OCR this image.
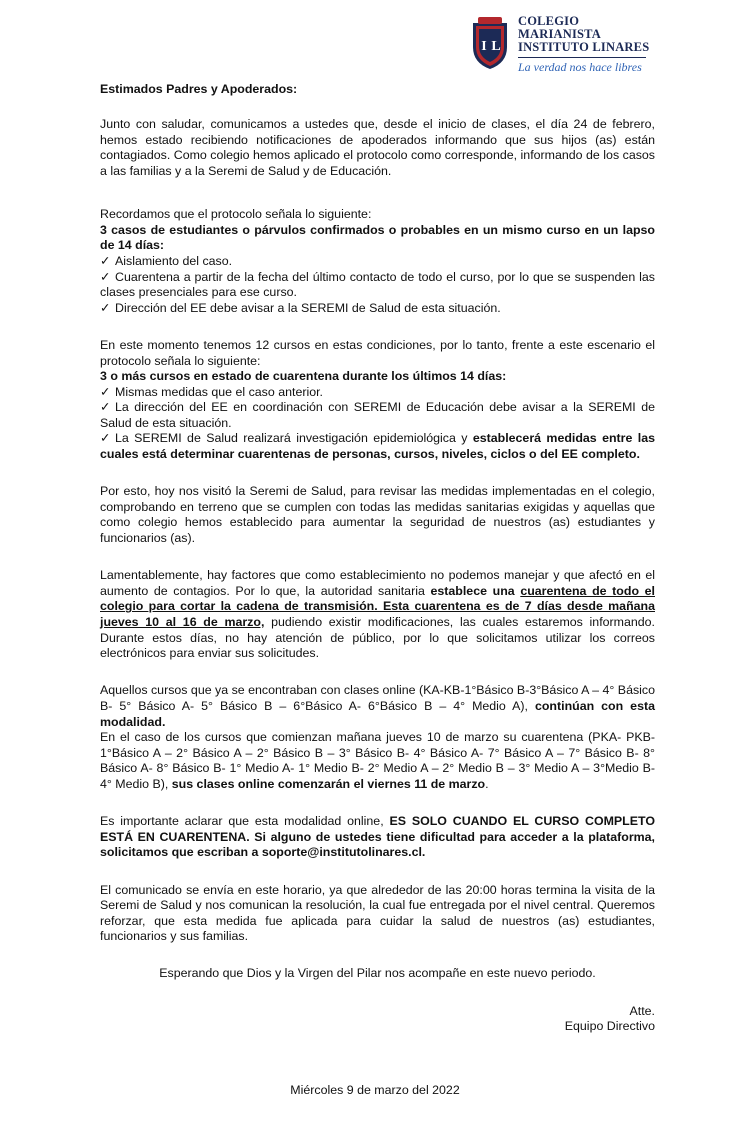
I L
COLEGIO MARIANISTA
INSTITUTO LINARES
La verdad nos hace libres

Estimados Padres y Apoderados:

Junto con saludar, comunicamos a ustedes que, desde el inicio de clases, el día 24 de febrero, hemos estado recibiendo notificaciones de apoderados informando que sus hijos (as) están contagiados. Como colegio hemos aplicado el protocolo como corresponde, informando de los casos a las familias y a la Seremi de Salud y de Educación.

Recordamos que el protocolo señala lo siguiente:

3 casos de estudiantes o párvulos confirmados o probables en un mismo curso en un lapso de 14 días:

✓ Aislamiento del caso.

✓ Cuarentena a partir de la fecha del último contacto de todo el curso, por lo que se suspenden las clases presenciales para ese curso.

✓ Dirección del EE debe avisar a la SEREMI de Salud de esta situación.

En este momento tenemos 12 cursos en estas condiciones, por lo tanto, frente a este escenario el protocolo señala lo siguiente:

3 o más cursos en estado de cuarentena durante los últimos 14 días:

✓ Mismas medidas que el caso anterior.

✓ La dirección del EE en coordinación con SEREMI de Educación debe avisar a la SEREMI de Salud de esta situación.

✓ La SEREMI de Salud realizará investigación epidemiológica y establecerá medidas entre las cuales está determinar cuarentenas de personas, cursos, niveles, ciclos o del EE completo.

Por esto, hoy nos visitó la Seremi de Salud, para revisar las medidas implementadas en el colegio, comprobando en terreno que se cumplen con todas las medidas sanitarias exigidas y aquellas que como colegio hemos establecido para aumentar la seguridad de nuestros (as) estudiantes y funcionarios (as).

Lamentablemente, hay factores que como establecimiento no podemos manejar y que afectó en el aumento de contagios. Por lo que, la autoridad sanitaria establece una cuarentena de todo el colegio para cortar la cadena de transmisión. Esta cuarentena es de 7 días desde mañana jueves 10 al 16 de marzo, pudiendo existir modificaciones, las cuales estaremos informando. Durante estos días, no hay atención de público, por lo que solicitamos utilizar los correos electrónicos para enviar sus solicitudes.

Aquellos cursos que ya se encontraban con clases online (KA-KB-1°Básico B-3°Básico A – 4° Básico B- 5° Básico A- 5° Básico B – 6°Básico A- 6°Básico B – 4° Medio A), continúan con esta modalidad.

En el caso de los cursos que comienzan mañana jueves 10 de marzo su cuarentena (PKA- PKB- 1°Básico A – 2° Básico A – 2° Básico B – 3° Básico B- 4° Básico A- 7° Básico A – 7° Básico B- 8° Básico A- 8° Básico B- 1° Medio A- 1° Medio B- 2° Medio A – 2° Medio B – 3° Medio A – 3°Medio B- 4° Medio B), sus clases online comenzarán el viernes 11 de marzo.

Es importante aclarar que esta modalidad online, ES SOLO CUANDO EL CURSO COMPLETO ESTÁ EN CUARENTENA. Si alguno de ustedes tiene dificultad para acceder a la plataforma, solicitamos que escriban a soporte@institutolinares.cl.

El comunicado se envía en este horario, ya que alrededor de las 20:00 horas termina la visita de la Seremi de Salud y nos comunican la resolución, la cual fue entregada por el nivel central. Queremos reforzar, que esta medida fue aplicada para cuidar la salud de nuestros (as) estudiantes, funcionarios y sus familias.

Esperando que Dios y la Virgen del Pilar nos acompañe en este nuevo periodo.

Atte.

Equipo Directivo

Miércoles 9 de marzo del 2022
